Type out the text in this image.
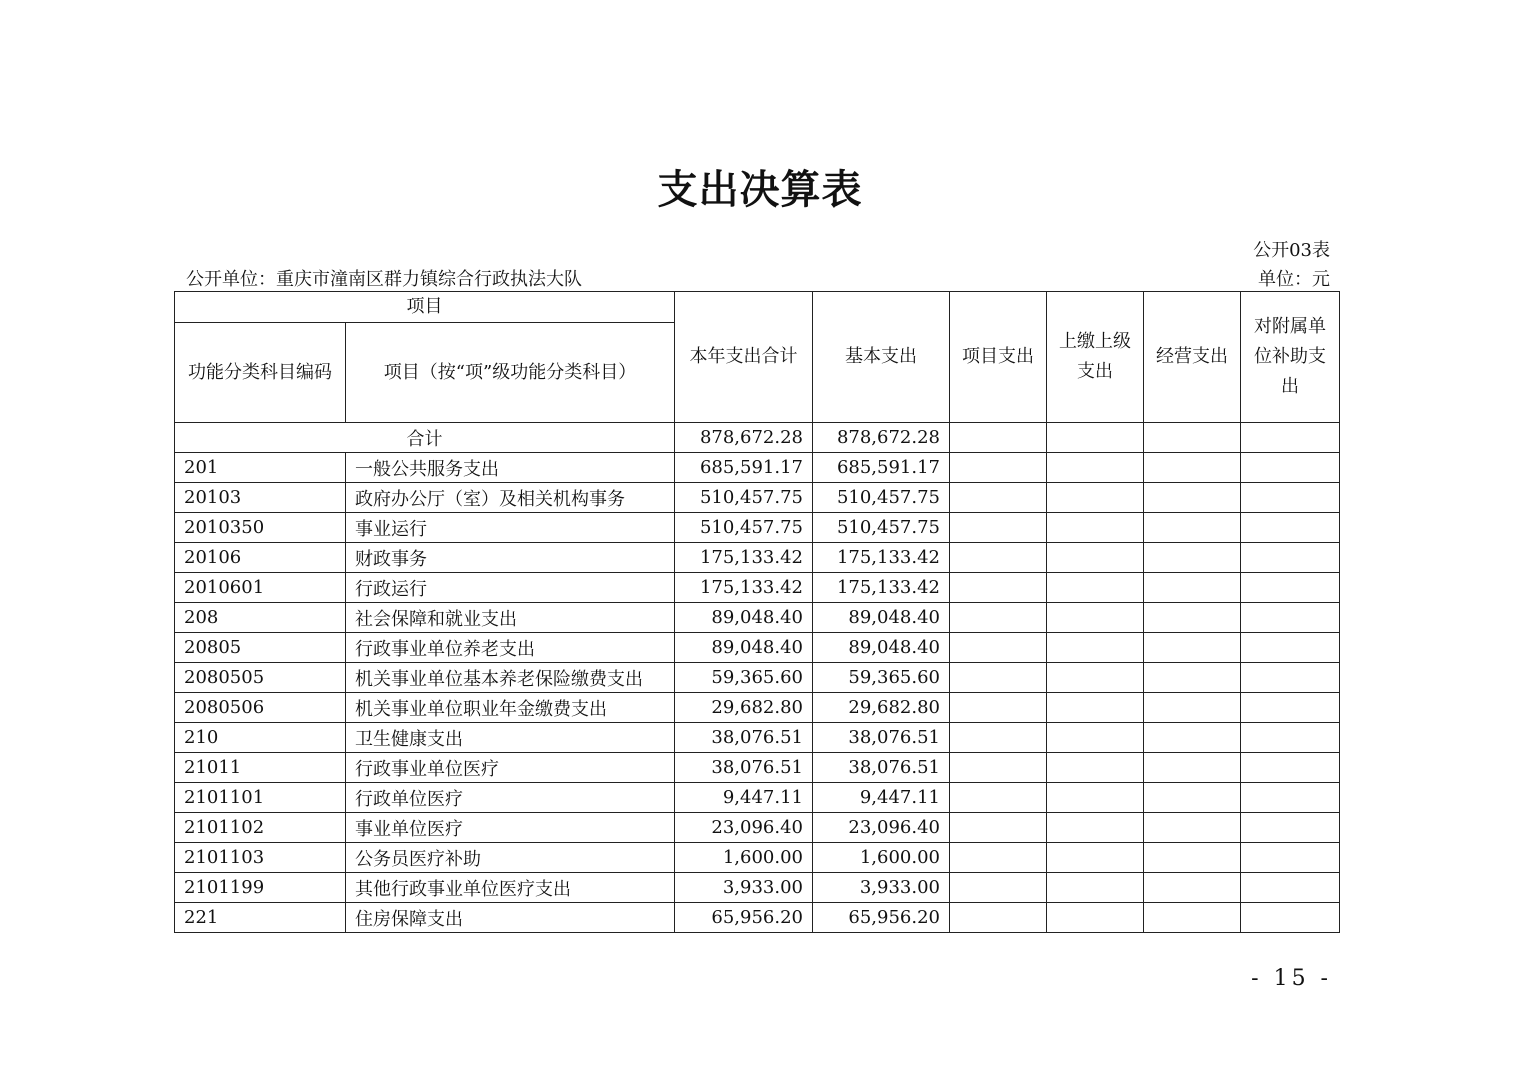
支出决算表
公开03表
公开单位：重庆市潼南区群力镇综合行政执法大队	单位：元
项目		本年支出合计	基本支出	项目支出	上缴上级支出	经营支出	对附属单位补助支出
功能分类科目编码	项目（按“项”级功能分类科目）						
合计		878,672.28	878,672.28				
201	一般公共服务支出	685,591.17	685,591.17				
20103	政府办公厅（室）及相关机构事务	510,457.75	510,457.75				
2010350	事业运行	510,457.75	510,457.75				
20106	财政事务	175,133.42	175,133.42				
2010601	行政运行	175,133.42	175,133.42				
208	社会保障和就业支出	89,048.40	89,048.40				
20805	行政事业单位养老支出	89,048.40	89,048.40				
2080505	机关事业单位基本养老保险缴费支出	59,365.60	59,365.60				
2080506	机关事业单位职业年金缴费支出	29,682.80	29,682.80				
210	卫生健康支出	38,076.51	38,076.51				
21011	行政事业单位医疗	38,076.51	38,076.51				
2101101	行政单位医疗	9,447.11	9,447.11				
2101102	事业单位医疗	23,096.40	23,096.40				
2101103	公务员医疗补助	1,600.00	1,600.00				
2101199	其他行政事业单位医疗支出	3,933.00	3,933.00				
221	住房保障支出	65,956.20	65,956.20				
- 15 -
